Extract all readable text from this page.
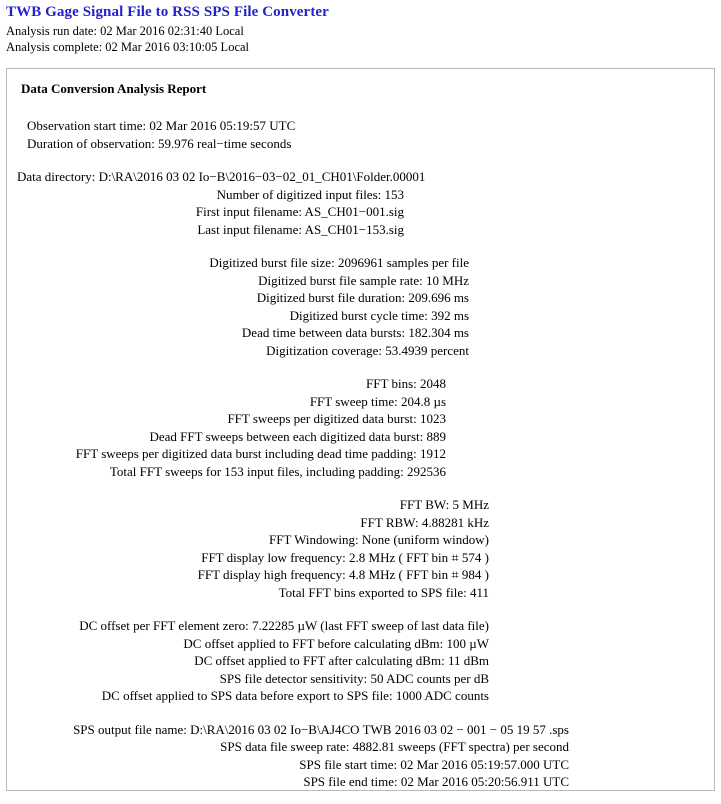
TWB Gage Signal File to RSS SPS File Converter
Analysis run date: 02 Mar 2016 02:31:40 Local
Analysis complete: 02 Mar 2016 03:10:05 Local
Data Conversion Analysis Report
Observation start time: 02 Mar 2016 05:19:57 UTC
Duration of observation: 59.976 real−time seconds
Data directory: D:\RA\2016 03 02 Io−B\2016−03−02_01_CH01\Folder.00001
Number of digitized input files: 153
First input filename: AS_CH01−001.sig
Last input filename: AS_CH01−153.sig
Digitized burst file size: 2096961 samples per file
Digitized burst file sample rate: 10 MHz
Digitized burst file duration: 209.696 ms
Digitized burst cycle time: 392 ms
Dead time between data bursts: 182.304 ms
Digitization coverage: 53.4939 percent
FFT bins: 2048
FFT sweep time: 204.8 µs
FFT sweeps per digitized data burst: 1023
Dead FFT sweeps between each digitized data burst: 889
FFT sweeps per digitized data burst including dead time padding: 1912
Total FFT sweeps for 153 input files, including padding: 292536
FFT BW: 5 MHz
FFT RBW: 4.88281 kHz
FFT Windowing: None (uniform window)
FFT display low frequency: 2.8 MHz ( FFT bin ⌗ 574 )
FFT display high frequency: 4.8 MHz ( FFT bin ⌗ 984 )
Total FFT bins exported to SPS file: 411
DC offset per FFT element zero: 7.22285 µW (last FFT sweep of last data file)
DC offset applied to FFT before calculating dBm: 100 µW
DC offset applied to FFT after calculating dBm: 11 dBm
SPS file detector sensitivity: 50 ADC counts per dB
DC offset applied to SPS data before export to SPS file: 1000 ADC counts
SPS output file name: D:\RA\2016 03 02 Io−B\AJ4CO TWB 2016 03 02 − 001 − 05 19 57 .sps
SPS data file sweep rate: 4882.81 sweeps (FFT spectra) per second
SPS file start time: 02 Mar 2016 05:19:57.000 UTC
SPS file end time: 02 Mar 2016 05:20:56.911 UTC
